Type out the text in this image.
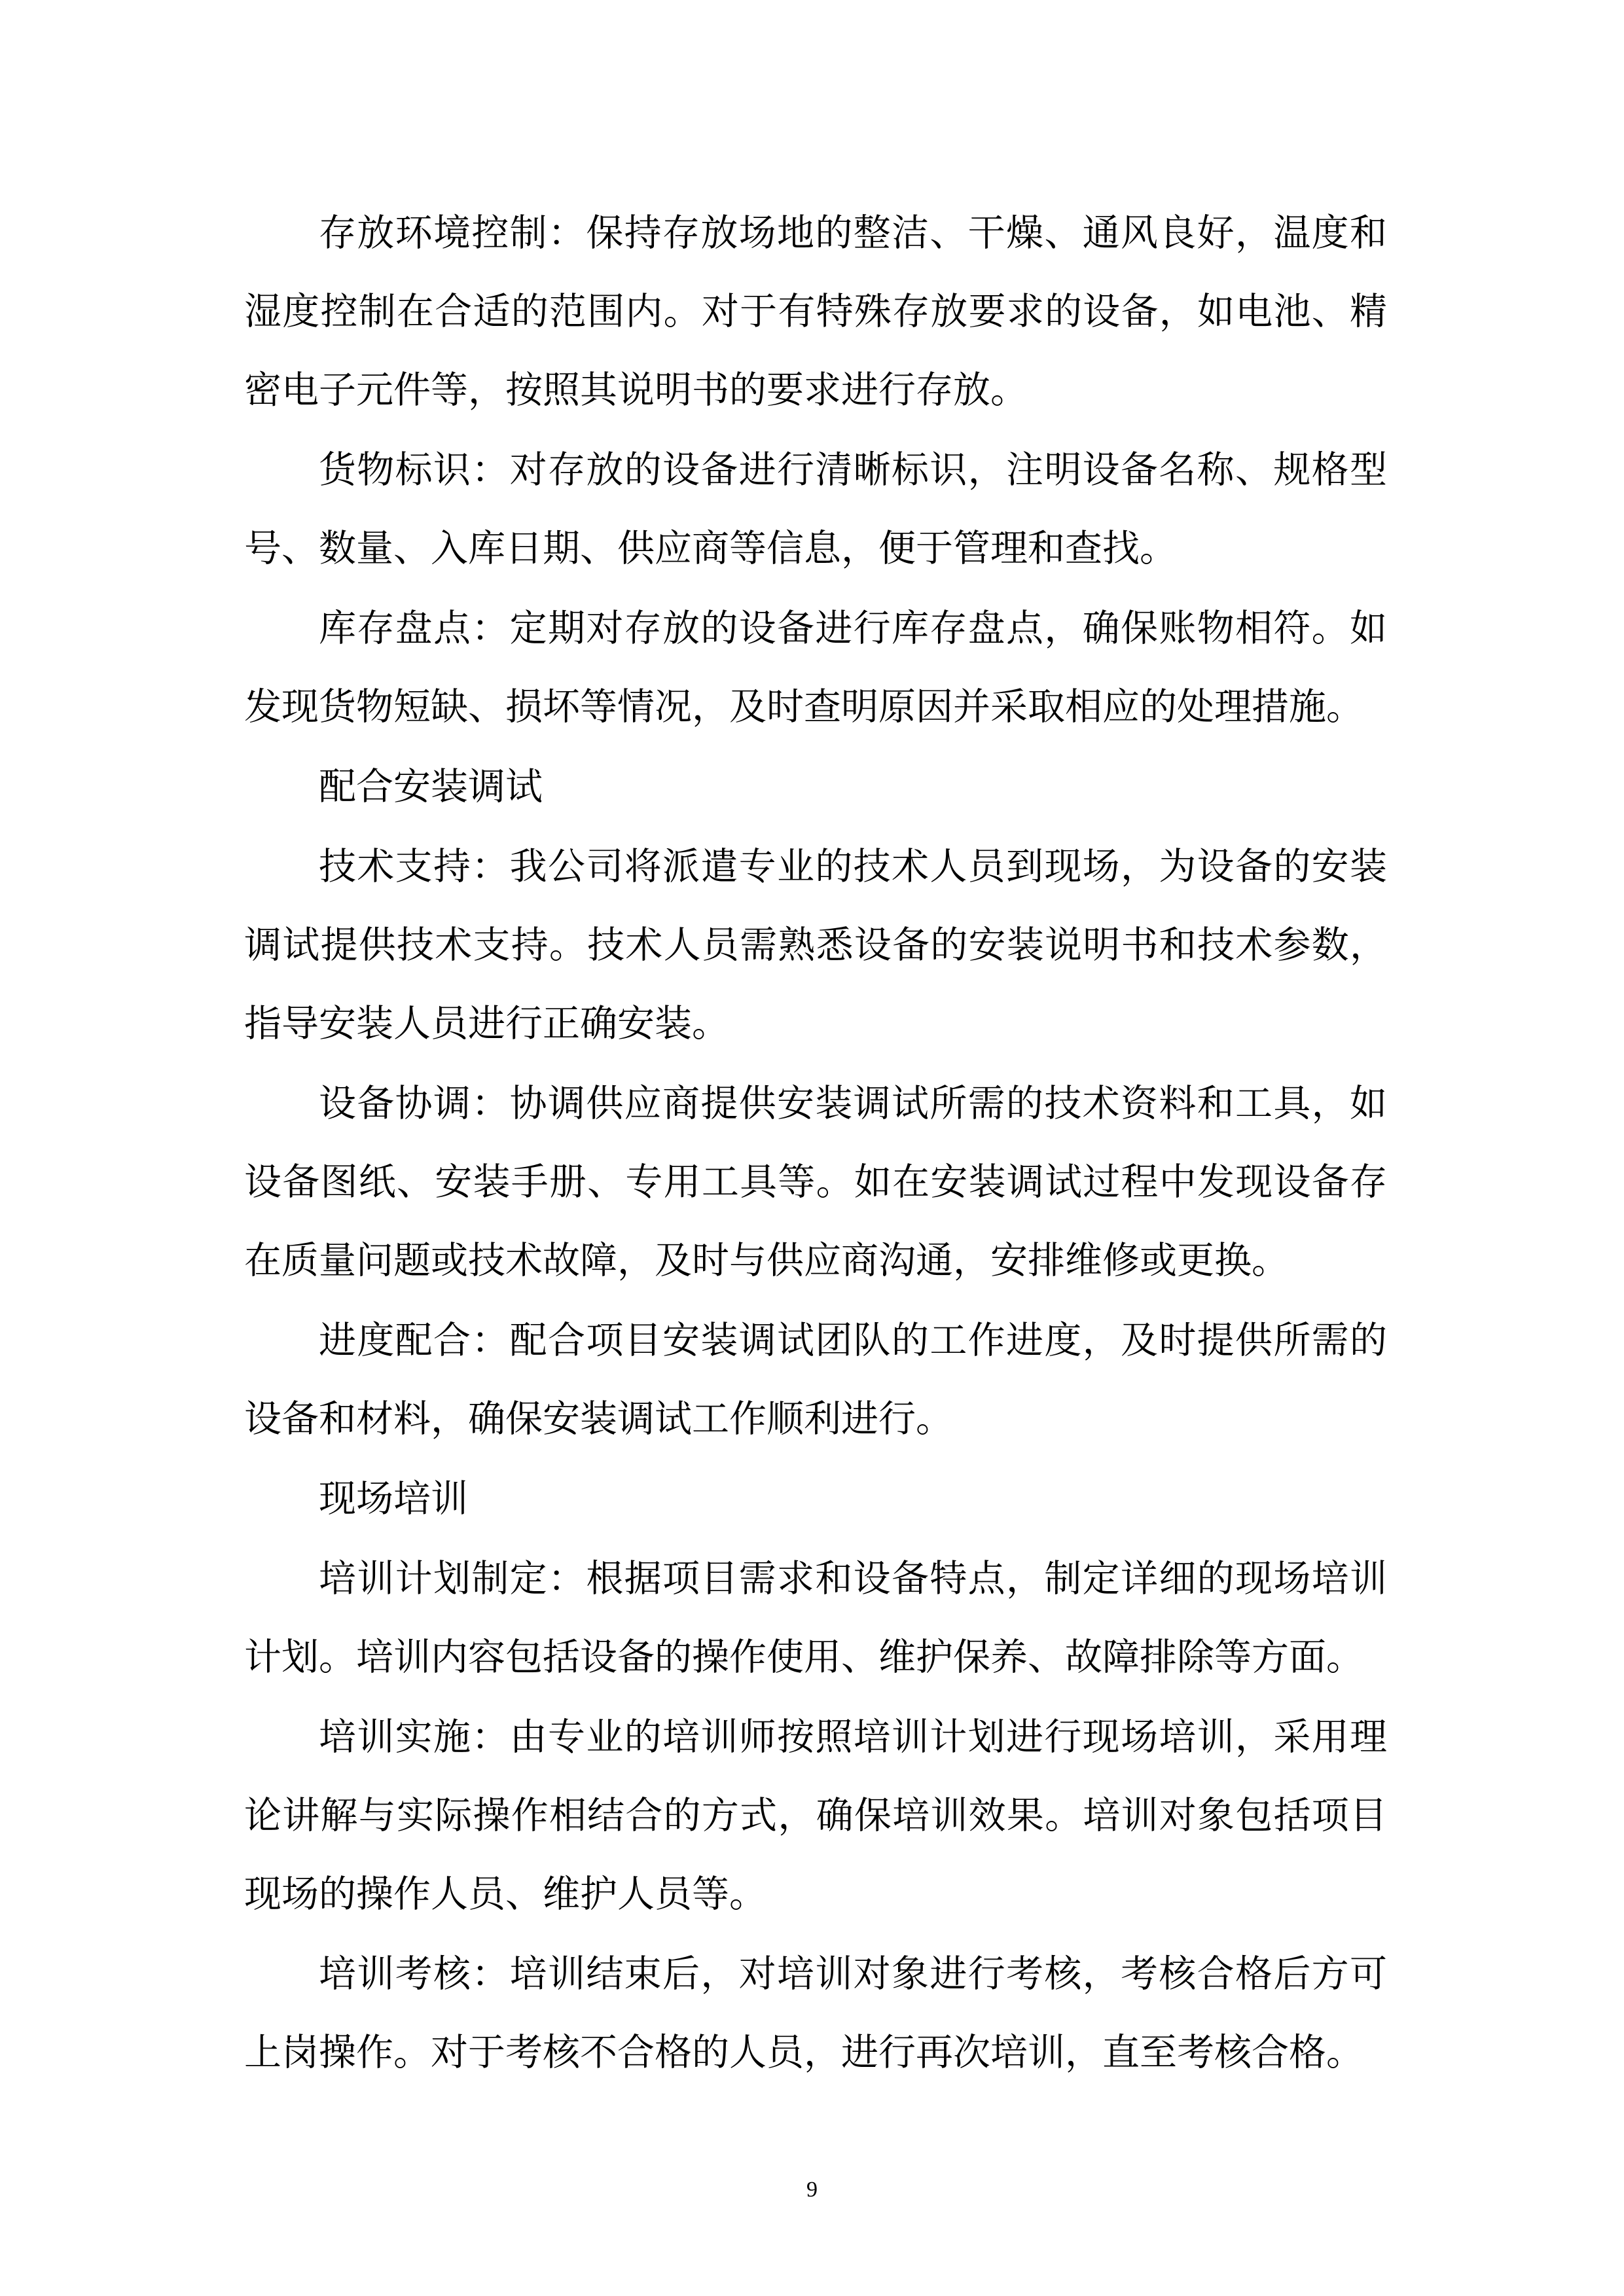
存放环境控制：保持存放场地的整洁、干燥、通风良好，温度和湿度控制在合适的范围内。对于有特殊存放要求的设备，如电池、精密电子元件等，按照其说明书的要求进行存放。

货物标识：对存放的设备进行清晰标识，注明设备名称、规格型号、数量、入库日期、供应商等信息，便于管理和查找。

库存盘点：定期对存放的设备进行库存盘点，确保账物相符。如发现货物短缺、损坏等情况，及时查明原因并采取相应的处理措施。

配合安装调试

技术支持：我公司将派遣专业的技术人员到现场，为设备的安装调试提供技术支持。技术人员需熟悉设备的安装说明书和技术参数，指导安装人员进行正确安装。

设备协调：协调供应商提供安装调试所需的技术资料和工具，如设备图纸、安装手册、专用工具等。如在安装调试过程中发现设备存在质量问题或技术故障，及时与供应商沟通，安排维修或更换。

进度配合：配合项目安装调试团队的工作进度，及时提供所需的设备和材料，确保安装调试工作顺利进行。

现场培训

培训计划制定：根据项目需求和设备特点，制定详细的现场培训计划。培训内容包括设备的操作使用、维护保养、故障排除等方面。

培训实施：由专业的培训师按照培训计划进行现场培训，采用理论讲解与实际操作相结合的方式，确保培训效果。培训对象包括项目现场的操作人员、维护人员等。

培训考核：培训结束后，对培训对象进行考核，考核合格后方可上岗操作。对于考核不合格的人员，进行再次培训，直至考核合格。

9
